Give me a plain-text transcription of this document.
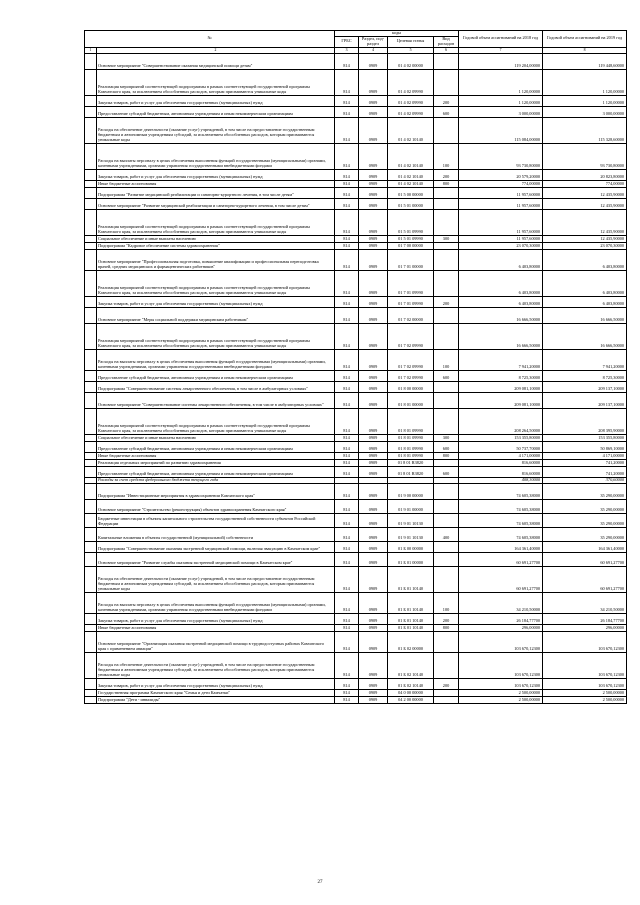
№		коды				Годовой объем ассигнований на 2018 год	Годовой объем ассигнований на 2019 год
		ГРБС	Раздел, под-раздел	Целевая статья	Вид расходов		
1	2	3	4	5	6	7	8
	Основное мероприятие "Совершенствование оказания медицинской помощи детям"	814	0909	01 4 02 00000		119 204,00000	119 448,60000
	Реализация мероприятий соответствующей подпрограммы в рамках соответствующей государственной программы Камчатского края, за исключением обособленных расходов, которым присваиваются уникальные коды	814	0909	01 4 02 09990		1 120,00000	1 120,00000
	Закупка товаров, работ и услуг для обеспечения государственных (муниципальных) нужд	814	0909	01 4 02 09990	200	1 120,00000	1 120,00000
	Предоставление субсидий бюджетным, автономным учреждениям и иным некоммерческим организациям	814	0909	01 4 02 09990	600	3 000,00000	3 000,00000
	Расходы на обеспечение деятельности (оказание услуг) учреждений, в том числе на предоставление государственным бюджетным и автономным учреждениям субсидий, за исключением обособленных расходов, которым присваиваются уникальные коды	814	0909	01 4 02 10140		115 084,00000	115 328,60000
	Расходы на выплаты персоналу в целях обеспечения выполнения функций государственными (муниципальными) органами, казенными учреждениями, органами управления государственными внебюджетными фондами	814	0909	01 4 02 10140	100	93 730,80000	93 730,80000
	Закупка товаров, работ и услуг для обеспечения государственных (муниципальных) нужд	814	0909	01 4 02 10140	200	20 579,20000	20 823,80000
	Иные бюджетные ассигнования	814	0909	01 4 02 10140	800	774,00000	774,00000
	Подпрограмма "Развитие медицинской реабилитации и санаторно-курортного лечения, в том числе детям"	814	0909	01 5 00 00000		11 957,60000	12 435,90000
	Основное мероприятие "Развитие медицинской реабилитации и санаторно-курортного лечения, в том числе детям"	814	0909	01 5 01 00000		11 957,60000	12 435,90000
	Реализация мероприятий соответствующей подпрограммы в рамках соответствующей государственной программы Камчатского края, за исключением обособленных расходов, которым присваиваются уникальные коды	814	0909	01 5 01 09990		11 957,60000	12 435,90000
	Социальное обеспечение и иные выплаты населению	814	0909	01 5 01 09990	300	11 957,60000	12 435,90000
	Подпрограмма "Кадровое обеспечение системы здравоохранения"	814	0909	01 7 00 00000		23 070,30000	23 070,30000
	Основное мероприятие "Профессиональная подготовка, повышение квалификации и профессиональная переподготовка врачей, средних медицинских и фармацевтических работников"	814	0909	01 7 01 00000		6 403,80000	6 403,80000
	Реализация мероприятий соответствующей подпрограммы в рамках соответствующей государственной программы Камчатского края, за исключением обособленных расходов, которым присваиваются уникальные коды	814	0909	01 7 01 09990		6 403,80000	6 403,80000
	Закупка товаров, работ и услуг для обеспечения государственных (муниципальных) нужд	814	0909	01 7 01 09990	200	6 403,80000	6 403,80000
	Основное мероприятие "Меры социальной поддержки медицинским работникам"	814	0909	01 7 02 00000		16 666,50000	16 666,50000
	Реализация мероприятий соответствующей подпрограммы в рамках соответствующей государственной программы Камчатского края, за исключением обособленных расходов, которым присваиваются уникальные коды	814	0909	01 7 02 09990		16 666,50000	16 666,50000
	Расходы на выплаты персоналу в целях обеспечения выполнения функций государственными (муниципальными) органами, казенными учреждениями, органами управления государственными внебюджетными фондами	814	0909	01 7 02 09990	100	7 941,20000	7 941,20000
	Предоставление субсидий бюджетным, автономным учреждениям и иным некоммерческим организациям	814	0909	01 7 02 09990	600	8 725,30000	8 725,30000
	Подпрограмма "Совершенствование системы лекарственного обеспечения, в том числе в амбулаторных условиях"	814	0909	01 8 00 00000		209 081,10000	209 137,10000
	Основное мероприятие "Совершенствование системы лекарственного обеспечения, в том числе в амбулаторных условиях"	814	0909	01 8 01 00000		209 081,10000	209 137,10000
	Реализация мероприятий соответствующей подпрограммы в рамках соответствующей государственной программы Камчатского края, за исключением обособленных расходов, которым присваиваются уникальные коды	814	0909	01 8 01 09990		208 264,50000	208 395,90000
	Социальное обеспечение и иные выплаты населению	814	0909	01 8 01 09990	300	153 355,80000	153 355,80000
	Предоставление субсидий бюджетным, автономным учреждениям и иным некоммерческим организациям	814	0909	01 8 01 09990	600	50 737,70000	50 869,10000
	Иные бюджетные ассигнования	814	0909	01 8 01 09990	800	4 171,00000	4 171,00000
	Реализация отдельных мероприятий по развитию здравоохранения	814	0909	01 8 01 R3820		816,60000	741,20000
	Предоставление субсидий бюджетным, автономным учреждениям и иным некоммерческим организациям	814	0909	01 8 01 R3820	600	816,60000	741,20000
	Расходы за счет средств федерального бюджета текущего года					408,30000	370,60000
	Подпрограмма "Инвестиционные мероприятия в здравоохранении Камчатского края"	814	0909	01 9 00 00000		74 605,38000	35 290,00000
	Основное мероприятие "Строительство (реконструкция) объектов здравоохранения Камчатского края"	814	0909	01 9 01 00000		74 605,38000	35 290,00000
	Бюджетные инвестиции в объекты капитального строительства государственной собственности субъектов Российской Федерации	814	0909	01 9 01 10130		74 605,38000	35 290,00000
	Капитальные вложения в объекты государственной (муниципальной) собственности	814	0909	01 9 01 10130	400	74 605,38000	35 290,00000
	Подпрограмма "Совершенствование оказания экстренной медицинской помощи, включая эвакуацию в Камчатском крае"	814	0909	01 Б 00 00000		164 361,40000	164 361,40000
	Основное мероприятие "Развитие службы оказания экстренной медицинской помощи в Камчатском крае"	814	0909	01 Б 01 00000		60 691,27700	60 691,27700
	Расходы на обеспечение деятельности (оказание услуг) учреждений, в том числе на предоставление государственным бюджетным и автономным учреждениям субсидий, за исключением обособленных расходов, которым присваиваются уникальные коды	814	0909	01 Б 01 10140		60 691,27700	60 691,27700
	Расходы на выплаты персоналу в целях обеспечения выполнения функций государственными (муниципальными) органами, казенными учреждениями, органами управления государственными внебюджетными фондами	814	0909	01 Б 01 10140	100	34 210,50000	34 210,50000
	Закупка товаров, работ и услуг для обеспечения государственных (муниципальных) нужд	814	0909	01 Б 01 10140	200	26 184,77700	26 184,77700
	Иные бюджетные ассигнования	814	0909	01 Б 01 10140	800	296,00000	296,00000
	Основное мероприятие "Организация оказания экстренной медицинской помощи в труднодоступных районах Камчатского края с применением авиации"	814	0909	01 Б 02 00000		103 670,12300	103 670,12300
	Расходы на обеспечение деятельности (оказание услуг) учреждений, в том числе на предоставление государственным бюджетным и автономным учреждениям субсидий, за исключением обособленных расходов, которым присваиваются уникальные коды	814	0909	01 Б 02 10140		103 670,12300	103 670,12300
	Закупка товаров, работ и услуг для обеспечения государственных (муниципальных) нужд	814	0909	01 Б 02 10140	200	103 670,12300	103 670,12300
	Государственная программа Камчатского края "Семья и дети Камчатки"	814	0909	04 0 00 00000		2 500,00000	2 500,00000
	Подпрограмма "Дети - инвалиды"	814	0909	04 2 00 00000		2 500,00000	2 500,00000
27
